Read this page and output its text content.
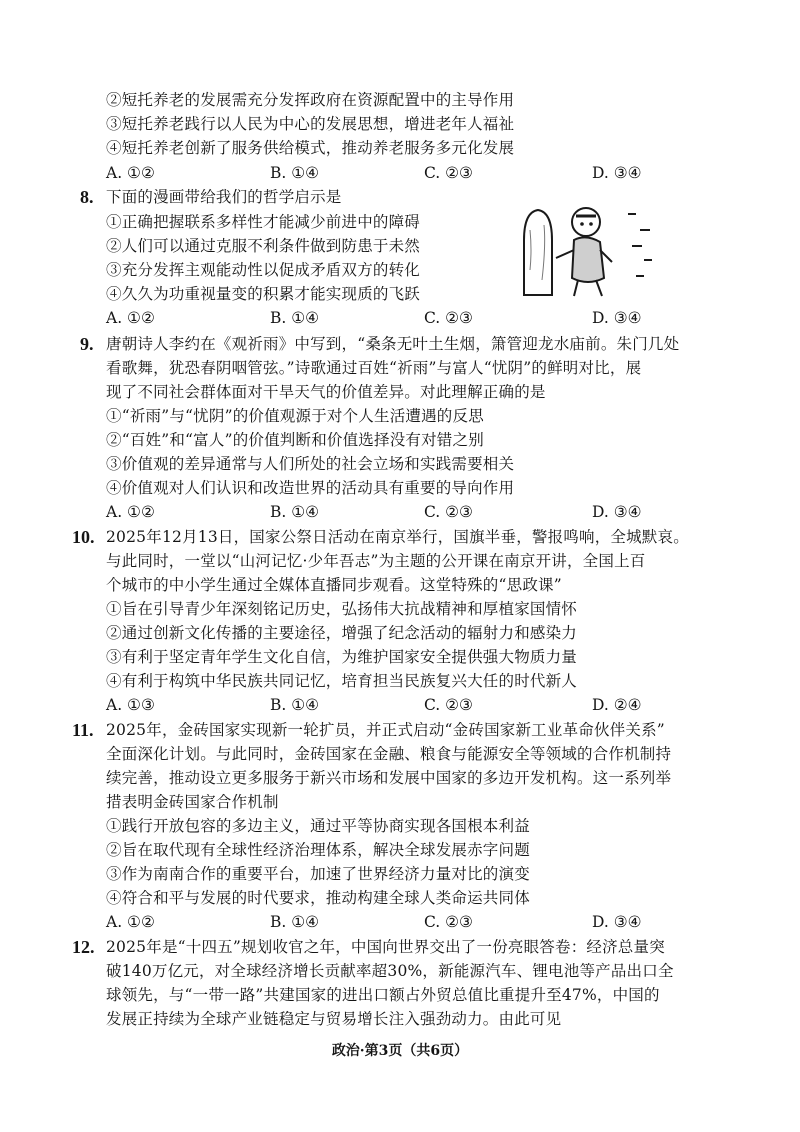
②短托养老的发展需充分发挥政府在资源配置中的主导作用
③短托养老践行以人民为中心的发展思想，增进老年人福祉
④短托养老创新了服务供给模式，推动养老服务多元化发展
A. ①②	B. ①④	C. ②③	D. ③④
8. 下面的漫画带给我们的哲学启示是
①正确把握联系多样性才能减少前进中的障碍
②人们可以通过克服不利条件做到防患于未然
③充分发挥主观能动性以促成矛盾双方的转化
④久久为功重视量变的积累才能实现质的飞跃
A. ①②	B. ①④	C. ②③	D. ③④
9. 唐朝诗人李约在《观祈雨》中写到，“桑条无叶土生烟，箫管迎龙水庙前。朱门几处
看歌舞，犹恐春阴咽管弦。”诗歌通过百姓“祈雨”与富人“忧阴”的鲜明对比，展
现了不同社会群体面对干旱天气的价值差异。对此理解正确的是
①“祈雨”与“忧阴”的价值观源于对个人生活遭遇的反思
②“百姓”和“富人”的价值判断和价值选择没有对错之别
③价值观的差异通常与人们所处的社会立场和实践需要相关
④价值观对人们认识和改造世界的活动具有重要的导向作用
A. ①②	B. ①④	C. ②③	D. ③④
10. 2025年12月13日，国家公祭日活动在南京举行，国旗半垂，警报鸣响，全城默哀。
与此同时，一堂以“山河记忆·少年吾志”为主题的公开课在南京开讲，全国上百
个城市的中小学生通过全媒体直播同步观看。这堂特殊的“思政课”
①旨在引导青少年深刻铭记历史，弘扬伟大抗战精神和厚植家国情怀
②通过创新文化传播的主要途径，增强了纪念活动的辐射力和感染力
③有利于坚定青年学生文化自信，为维护国家安全提供强大物质力量
④有利于构筑中华民族共同记忆，培育担当民族复兴大任的时代新人
A. ①③	B. ①④	C. ②③	D. ②④
11. 2025年，金砖国家实现新一轮扩员，并正式启动“金砖国家新工业革命伙伴关系”
全面深化计划。与此同时，金砖国家在金融、粮食与能源安全等领域的合作机制持
续完善，推动设立更多服务于新兴市场和发展中国家的多边开发机构。这一系列举
措表明金砖国家合作机制
①践行开放包容的多边主义，通过平等协商实现各国根本利益
②旨在取代现有全球性经济治理体系，解决全球发展赤字问题
③作为南南合作的重要平台，加速了世界经济力量对比的演变
④符合和平与发展的时代要求，推动构建全球人类命运共同体
A. ①②	B. ①④	C. ②③	D. ③④
12. 2025年是“十四五”规划收官之年，中国向世界交出了一份亮眼答卷：经济总量突
破140万亿元，对全球经济增长贡献率超30%，新能源汽车、锂电池等产品出口全
球领先，与“一带一路”共建国家的进出口额占外贸总值比重提升至47%，中国的
发展正持续为全球产业链稳定与贸易增长注入强劲动力。由此可见
政治·第3页（共6页）
